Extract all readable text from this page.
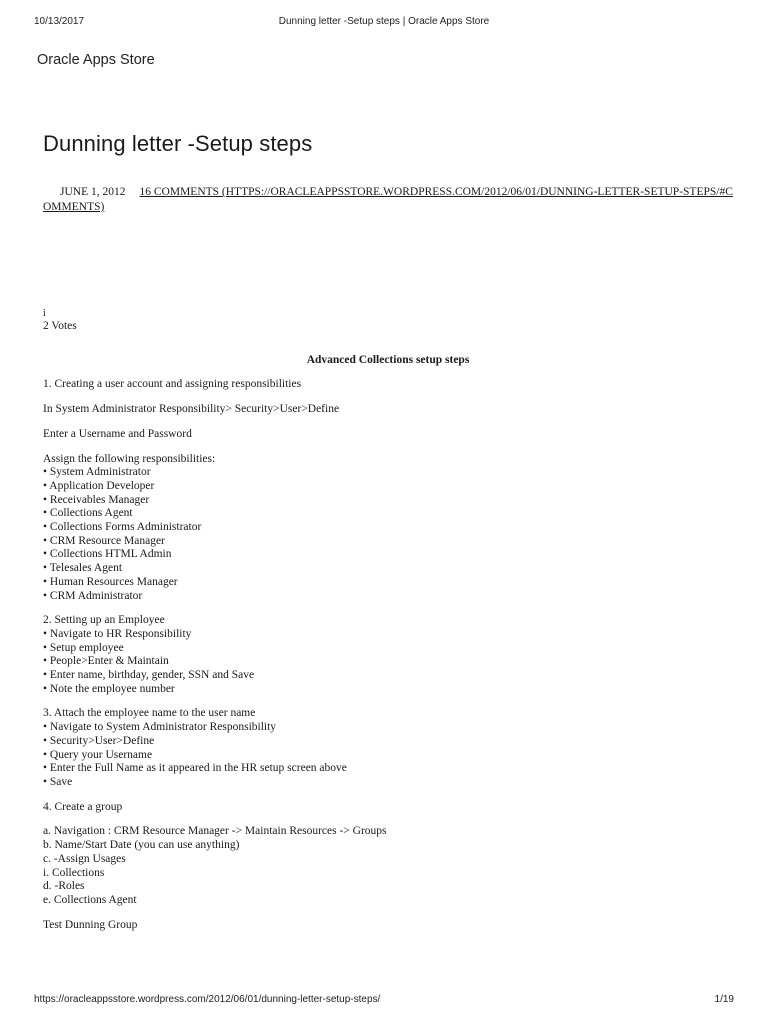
10/13/2017	Dunning letter -Setup steps | Oracle Apps Store
Oracle Apps Store
Dunning letter -Setup steps
JUNE 1, 2012 16 COMMENTS (HTTPS://ORACLEAPPSSTORE.WORDPRESS.COM/2012/06/01/DUNNING-LETTER-SETUP-STEPS/#COMMENTS)
i
2 Votes
Advanced Collections setup steps

1. Creating a user account and assigning responsibilities

In System Administrator Responsibility> Security>User>Define

Enter a Username and Password

Assign the following responsibilities:
• System Administrator
• Application Developer
• Receivables Manager
• Collections Agent
• Collections Forms Administrator
• CRM Resource Manager
• Collections HTML Admin
• Telesales Agent
• Human Resources Manager
• CRM Administrator
2. Setting up an Employee
• Navigate to HR Responsibility
• Setup employee
• People>Enter & Maintain
• Enter name, birthday, gender, SSN and Save
• Note the employee number
3. Attach the employee name to the user name
• Navigate to System Administrator Responsibility
• Security>User>Define
• Query your Username
• Enter the Full Name as it appeared in the HR setup screen above
• Save

4. Create a group

a. Navigation : CRM Resource Manager -> Maintain Resources -> Groups
b. Name/Start Date (you can use anything)
c. -Assign Usages
i. Collections
d. -Roles
e. Collections Agent

Test Dunning Group

https://oracleappsstore.wordpress.com/2012/06/01/dunning-letter-setup-steps/	1/19
